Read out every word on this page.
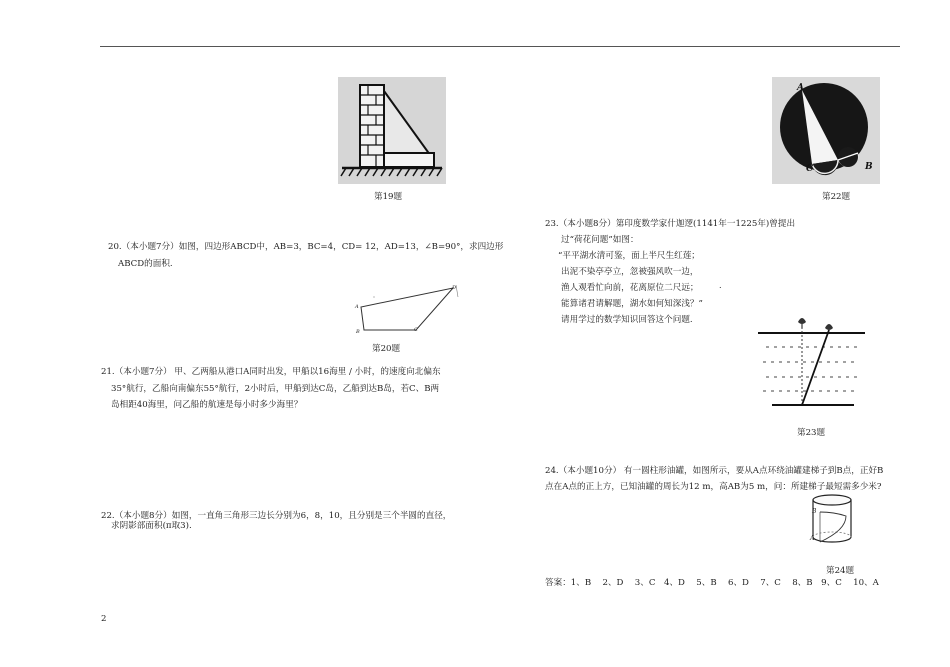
第19题
A
C	B
第22题
20.（本小题7分）如图，四边形ABCD中，AB=3，BC=4，CD= 12，AD=13，∠B=90°，求四边形
ABCD的面积.
A
B	C
D
第20题
21.（本小题7分） 甲、乙两船从港口A同时出发，甲船以16海里 / 小时，的速度向北偏东
35°航行，乙船向南偏东55°航行，2小时后，甲船到达C岛，乙船到达B岛，若C、B两
岛相距40海里，问乙船的航速是每小时多少海里？
22.（本小题8分）如图，一直角三角形三边长分别为6，8，10，且分别是三个半圆的直径，
求阴影部面积(π取3).
23.（本小题8分）第印度数学家什迦逻(1141年一1225年)曾提出
过“荷花问题”如图：
“平平湖水清可鉴，面上半尺生红莲；
出泥不染亭亭立，忽被强风吹一边，
渔人观看忙向前，花离原位二尺远；	.
能算诸君请解题，湖水如何知深浅？”
请用学过的数学知识回答这个问题.
第23题
24.（本小题10分） 有一圆柱形油罐，如图所示，要从A点环绕油罐建梯子到B点，正好B
点在A点的正上方，已知油罐的周长为12 m，高AB为5 m，问：所建梯子最短需多少米?
B
A
第24题
答案：1、B　 2、D　 3、C　4、D　 5、B　 6、D　 7、C　 8、B　9、C　 10、A
2
